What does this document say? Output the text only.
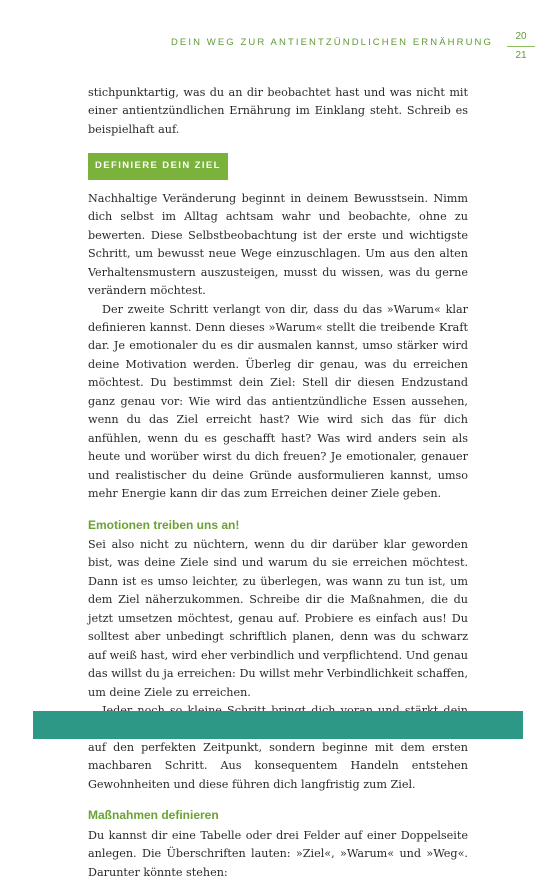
DEIN WEG ZUR ANTIENTZÜNDLICHEN ERNÄHRUNG
20
21

stichpunktartig, was du an dir beobachtet hast und was nicht mit einer antientzündlichen Ernährung im Einklang steht. Schreib es beispielhaft auf.

DEFINIERE DEIN ZIEL

Nachhaltige Veränderung beginnt in deinem Bewusstsein. Nimm dich selbst im Alltag achtsam wahr und beobachte, ohne zu bewerten. Diese Selbstbeobachtung ist der erste und wichtigste Schritt, um bewusst neue Wege einzuschlagen. Um aus den alten Verhaltensmustern auszusteigen, musst du wissen, was du gerne verändern möchtest.

Der zweite Schritt verlangt von dir, dass du das »Warum« klar definieren kannst. Denn dieses »Warum« stellt die treibende Kraft dar. Je emotionaler du es dir ausmalen kannst, umso stärker wird deine Motivation werden. Überleg dir genau, was du erreichen möchtest. Du bestimmst dein Ziel: Stell dir diesen Endzustand ganz genau vor: Wie wird das antientzündliche Essen aussehen, wenn du das Ziel erreicht hast? Wie wird sich das für dich anfühlen, wenn du es geschafft hast? Was wird anders sein als heute und worüber wirst du dich freuen? Je emotionaler, genauer und realistischer du deine Gründe ausformulieren kannst, umso mehr Energie kann dir das zum Erreichen deiner Ziele geben.

Emotionen treiben uns an!

Sei also nicht zu nüchtern, wenn du dir darüber klar geworden bist, was deine Ziele sind und warum du sie erreichen möchtest. Dann ist es umso leichter, zu überlegen, was wann zu tun ist, um dem Ziel näherzukommen. Schreibe dir die Maßnahmen, die du jetzt umsetzen möchtest, genau auf. Probiere es einfach aus! Du solltest aber unbedingt schriftlich planen, denn was du schwarz auf weiß hast, wird eher verbindlich und verpflichtend. Und genau das willst du ja erreichen: Du willst mehr Verbindlichkeit schaffen, um deine Ziele zu erreichen.

auf den perfekten Zeitpunkt, sondern beginne mit dem ersten machbaren Schritt. Aus konsequentem Handeln entstehen Gewohnheiten und diese führen dich langfristig zum Ziel.

Maßnahmen definieren

Du kannst dir eine Tabelle oder drei Felder auf einer Doppelseite anlegen. Die Überschriften lauten: »Ziel«, »Warum« und »Weg«. Darunter könnte stehen:
